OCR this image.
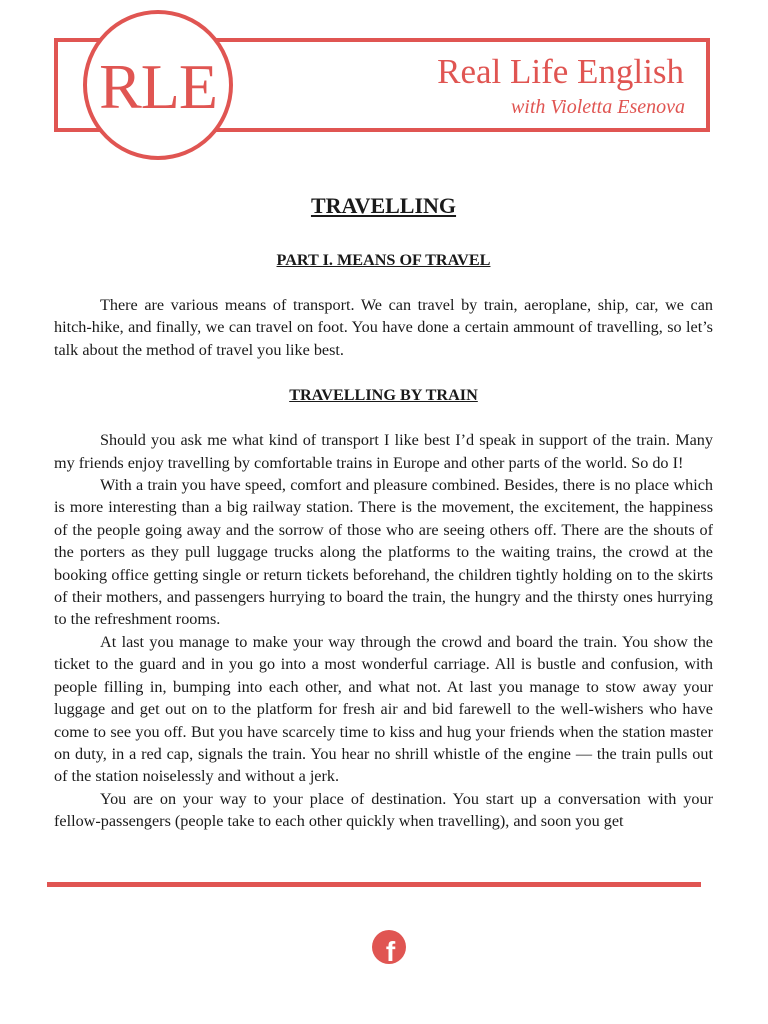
RLE	Real Life English
with Violetta Esenova
TRAVELLING
PART I. MEANS OF TRAVEL

There are various means of transport. We can travel by train, aeroplane, ship, car, we can hitch-hike, and finally, we can travel on foot. You have done a certain ammount of travelling, so let’s talk about the method of travel you like best.

TRAVELLING BY TRAIN

Should you ask me what kind of transport I like best I’d speak in support of the train. Many my friends enjoy travelling by comfortable trains in Europe and other parts of the world. So do I!

With a train you have speed, comfort and pleasure combined. Besides, there is no place which is more interesting than a big railway station. There is the movement, the excitement, the happiness of the people going away and the sorrow of those who are seeing others off. There are the shouts of the porters as they pull luggage trucks along the platforms to the waiting trains, the crowd at the booking office getting single or return tickets beforehand, the children tightly holding on to the skirts of their mothers, and passengers hurrying to board the train, the hungry and the thirsty ones hurrying to the refreshment rooms.

At last you manage to make your way through the crowd and board the train. You show the ticket to the guard and in you go into a most wonderful carriage. All is bustle and confusion, with people filling in, bumping into each other, and what not. At last you manage to stow away your luggage and get out on to the platform for fresh air and bid farewell to the well-wishers who have come to see you off. But you have scarcely time to kiss and hug your friends when the station master on duty, in a red cap, signals the train. You hear no shrill whistle of the engine — the train pulls out of the station noiselessly and without a jerk.

You are on your way to your place of destination. You start up a conversation with your fellow-passengers (people take to each other quickly when travelling), and soon you get

f
